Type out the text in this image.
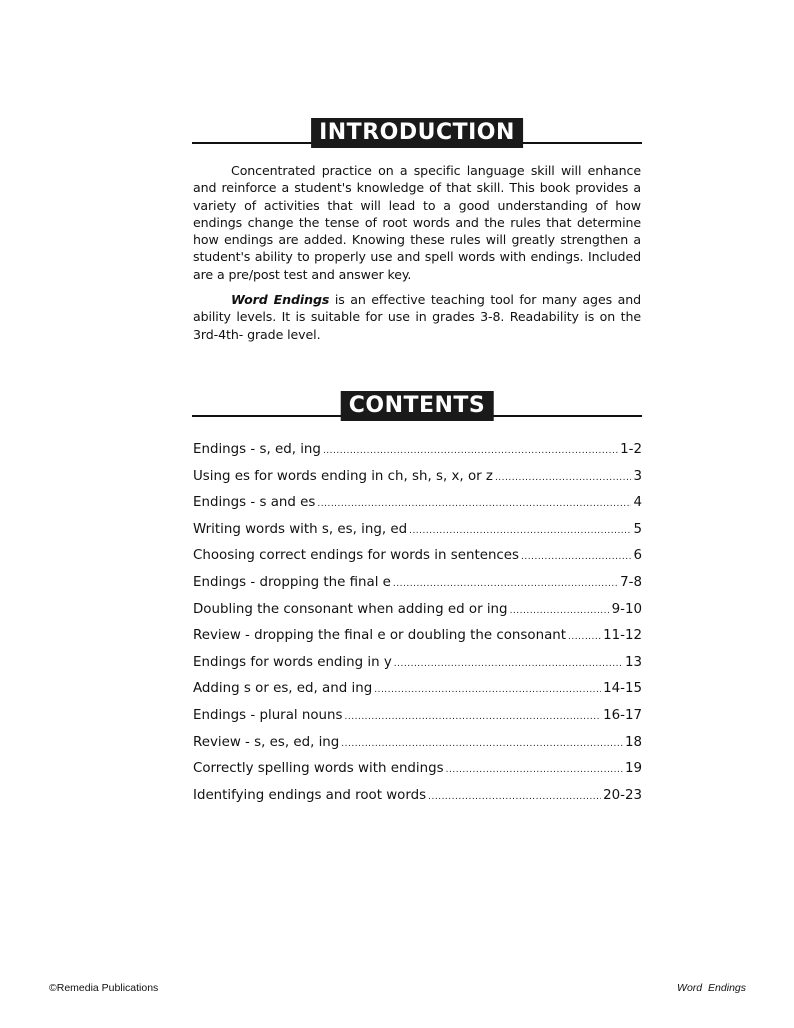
INTRODUCTION

Concentrated practice on a specific language skill will enhance and reinforce a student's knowledge of that skill. This book provides a variety of activities that will lead to a good understanding of how endings change the tense of root words and the rules that determine how endings are added. Knowing these rules will greatly strengthen a student's ability to properly use and spell words with endings. Included are a pre/post test and answer key.

Word Endings is an effective teaching tool for many ages and ability levels. It is suitable for use in grades 3-8. Readability is on the 3rd-4th- grade level.

CONTENTS
Endings - s, ed, ing .....	1-2
Using es for words ending in ch, sh, s, x, or z .....	3
Endings - s and es .....	4
Writing words with s, es, ing, ed .....	5
Choosing correct endings for words in sentences .....	6
Endings - dropping the final e .....	7-8
Doubling the consonant when adding ed or ing .....	9-10
Review - dropping the final e or doubling the consonant .....	11-12
Endings for words ending in y .....	13
Adding s or es, ed, and ing .....	14-15
Endings - plural nouns .....	16-17
Review - s, es, ed, ing .....	18
Correctly spelling words with endings .....	19
Identifying endings and root words .....	20-23
©Remedia Publications	Word Endings
